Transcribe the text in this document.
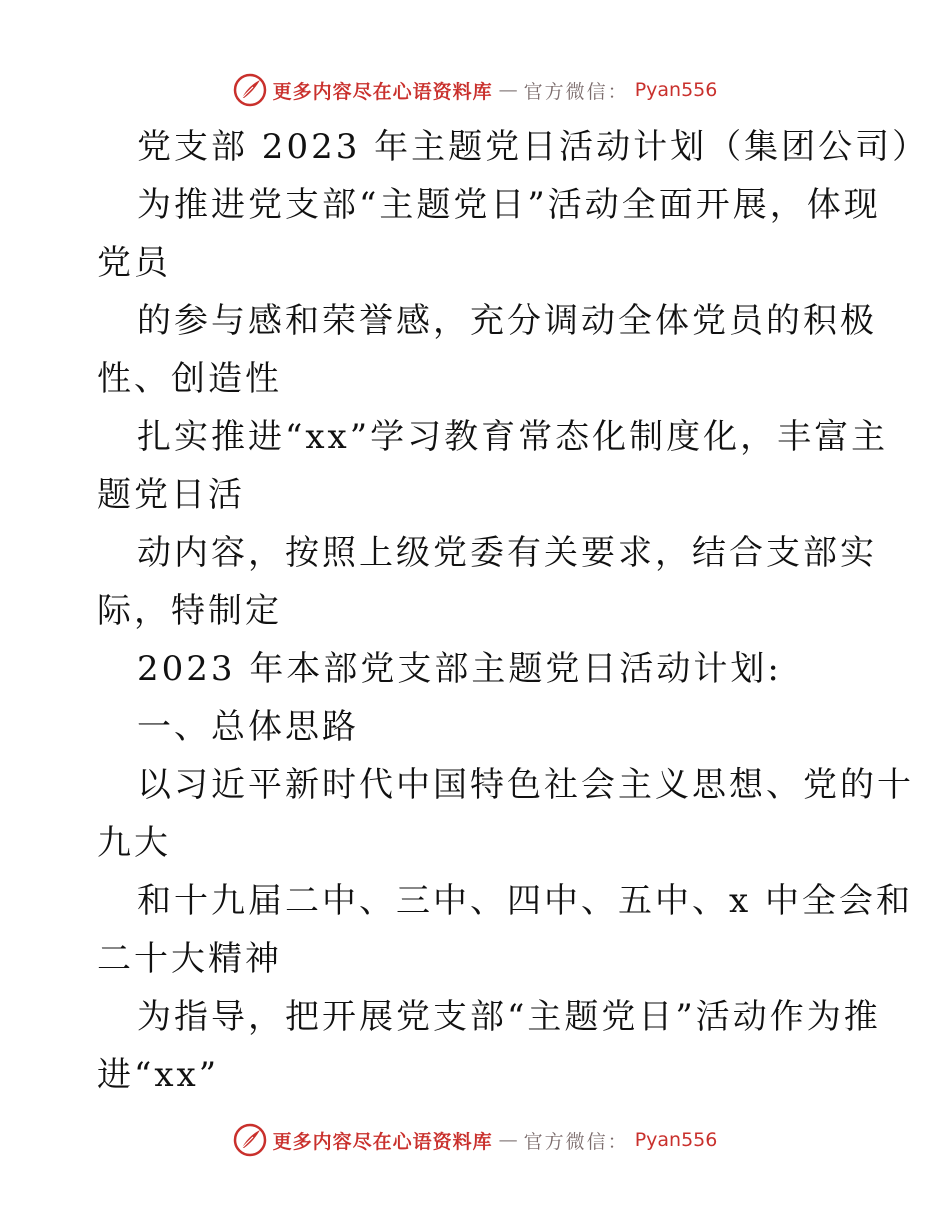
更多内容尽在心语资料库 — 官方微信： Pyan556
党支部 2023 年主题党日活动计划（集团公司）
为推进党支部“主题党日”活动全面开展，体现
党员
的参与感和荣誉感，充分调动全体党员的积极
性、创造性
扎实推进“xx”学习教育常态化制度化，丰富主
题党日活
动内容，按照上级党委有关要求，结合支部实
际，特制定
2023 年本部党支部主题党日活动计划:
一、总体思路
以习近平新时代中国特色社会主义思想、党的十
九大
和十九届二中、三中、四中、五中、x 中全会和
二十大精神
为指导，把开展党支部“主题党日”活动作为推
进“xx”
更多内容尽在心语资料库 — 官方微信： Pyan556
